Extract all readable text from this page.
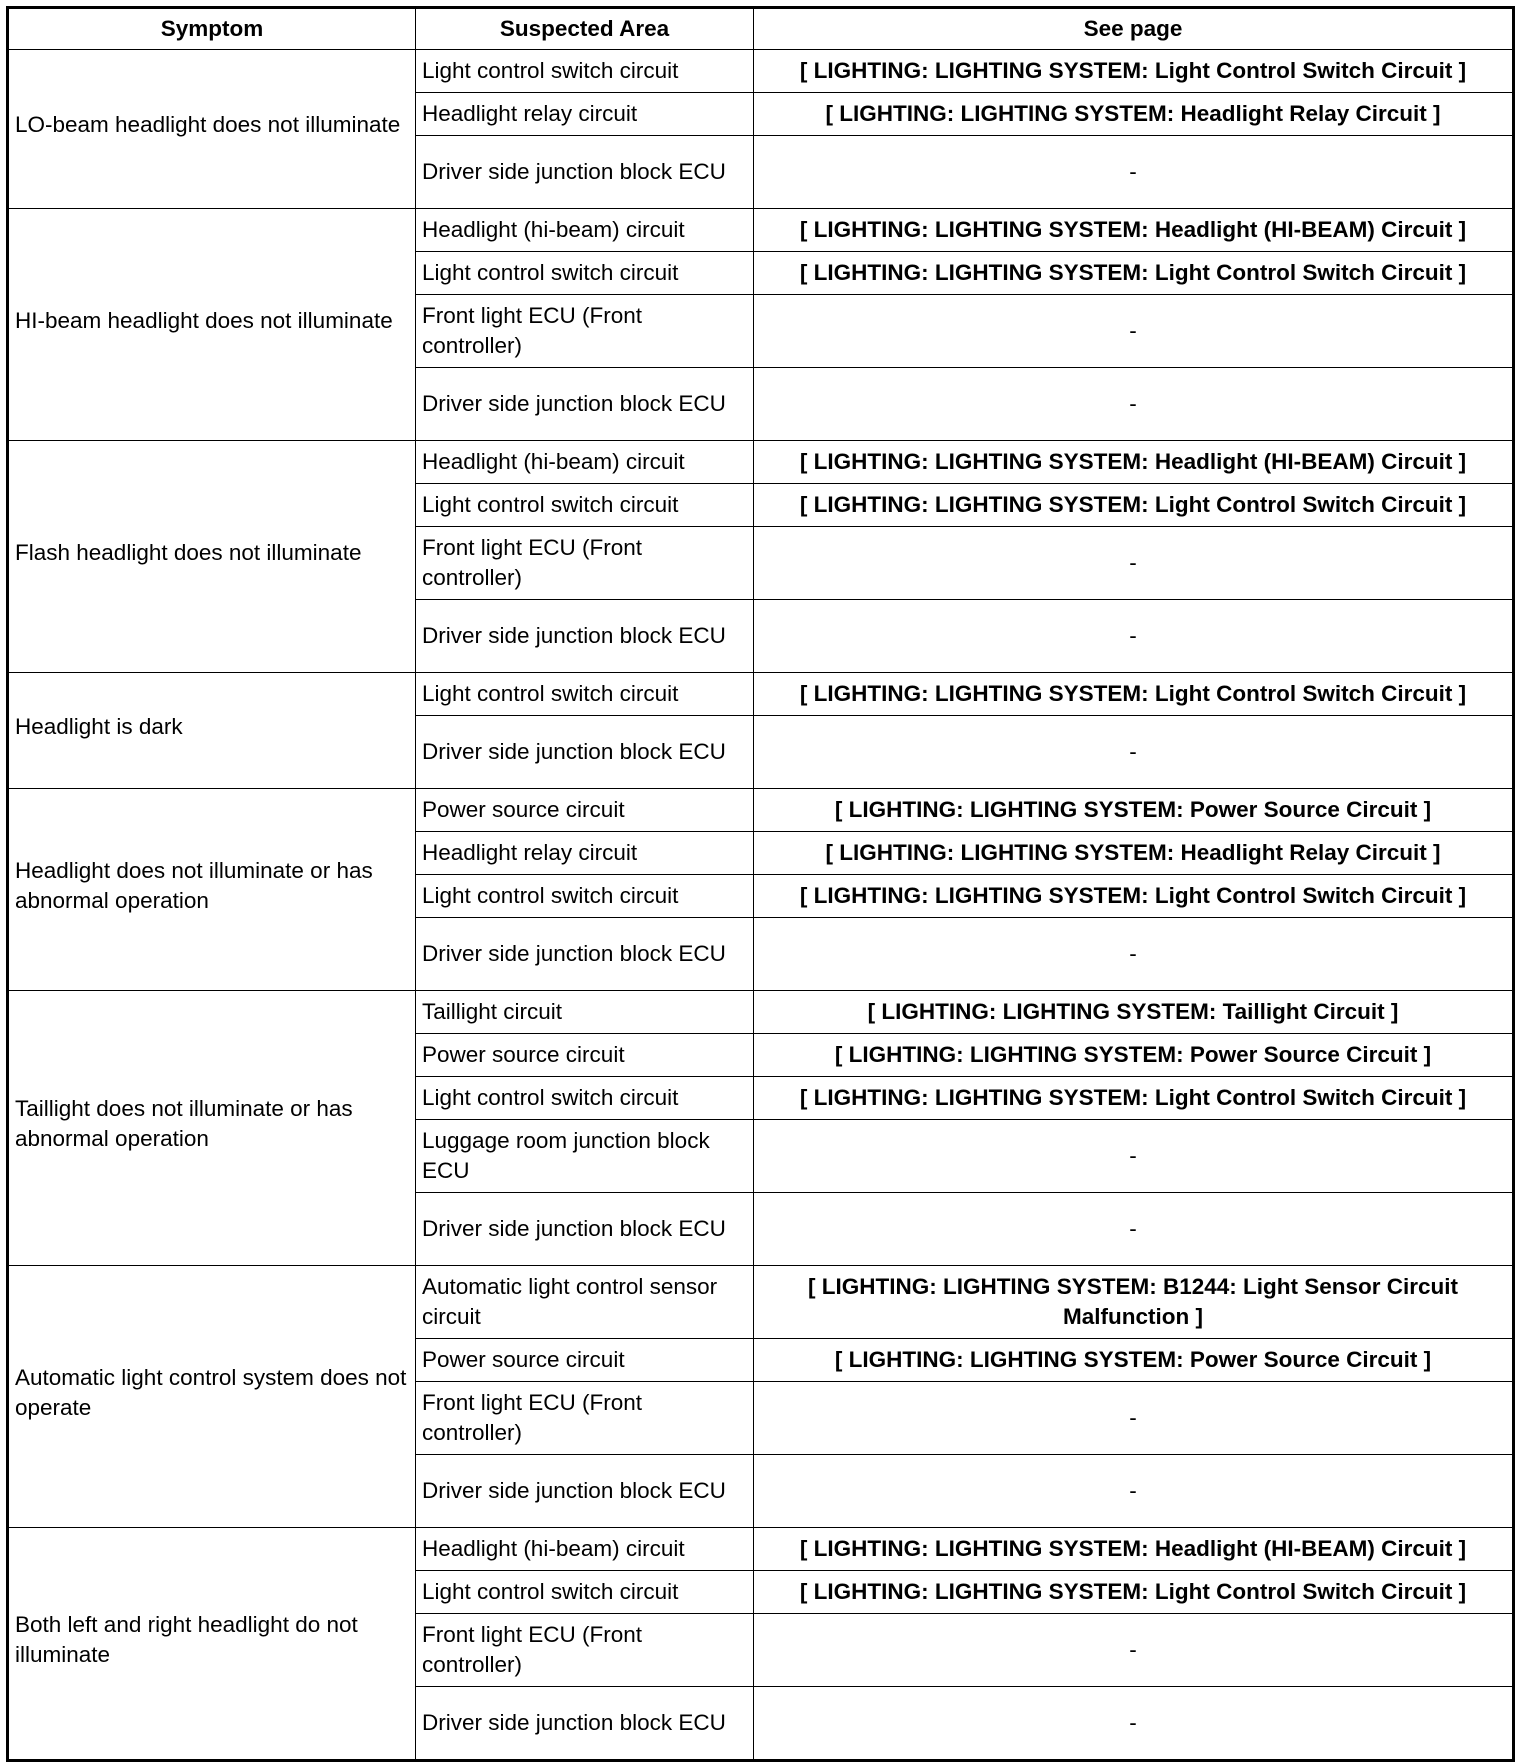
Symptom	Suspected Area	See page
LO-beam headlight does not illuminate	Light control switch circuit	[ LIGHTING: LIGHTING SYSTEM: Light Control Switch Circuit ]
	Headlight relay circuit	[ LIGHTING: LIGHTING SYSTEM: Headlight Relay Circuit ]
	Driver side junction block ECU	-
HI-beam headlight does not illuminate	Headlight (hi-beam) circuit	[ LIGHTING: LIGHTING SYSTEM: Headlight (HI-BEAM) Circuit ]
	Light control switch circuit	[ LIGHTING: LIGHTING SYSTEM: Light Control Switch Circuit ]
	Front light ECU (Front controller)	-
	Driver side junction block ECU	-
Flash headlight does not illuminate	Headlight (hi-beam) circuit	[ LIGHTING: LIGHTING SYSTEM: Headlight (HI-BEAM) Circuit ]
	Light control switch circuit	[ LIGHTING: LIGHTING SYSTEM: Light Control Switch Circuit ]
	Front light ECU (Front controller)	-
	Driver side junction block ECU	-
Headlight is dark	Light control switch circuit	[ LIGHTING: LIGHTING SYSTEM: Light Control Switch Circuit ]
	Driver side junction block ECU	-
Headlight does not illuminate or has abnormal operation	Power source circuit	[ LIGHTING: LIGHTING SYSTEM: Power Source Circuit ]
	Headlight relay circuit	[ LIGHTING: LIGHTING SYSTEM: Headlight Relay Circuit ]
	Light control switch circuit	[ LIGHTING: LIGHTING SYSTEM: Light Control Switch Circuit ]
	Driver side junction block ECU	-
Taillight does not illuminate or has abnormal operation	Taillight circuit	[ LIGHTING: LIGHTING SYSTEM: Taillight Circuit ]
	Power source circuit	[ LIGHTING: LIGHTING SYSTEM: Power Source Circuit ]
	Light control switch circuit	[ LIGHTING: LIGHTING SYSTEM: Light Control Switch Circuit ]
	Luggage room junction block ECU	-
	Driver side junction block ECU	-
Automatic light control system does not operate	Automatic light control sensor circuit	[ LIGHTING: LIGHTING SYSTEM: B1244: Light Sensor Circuit Malfunction ]
	Power source circuit	[ LIGHTING: LIGHTING SYSTEM: Power Source Circuit ]
	Front light ECU (Front controller)	-
	Driver side junction block ECU	-
Both left and right headlight do not illuminate	Headlight (hi-beam) circuit	[ LIGHTING: LIGHTING SYSTEM: Headlight (HI-BEAM) Circuit ]
	Light control switch circuit	[ LIGHTING: LIGHTING SYSTEM: Light Control Switch Circuit ]
	Front light ECU (Front controller)	-
	Driver side junction block ECU	-
